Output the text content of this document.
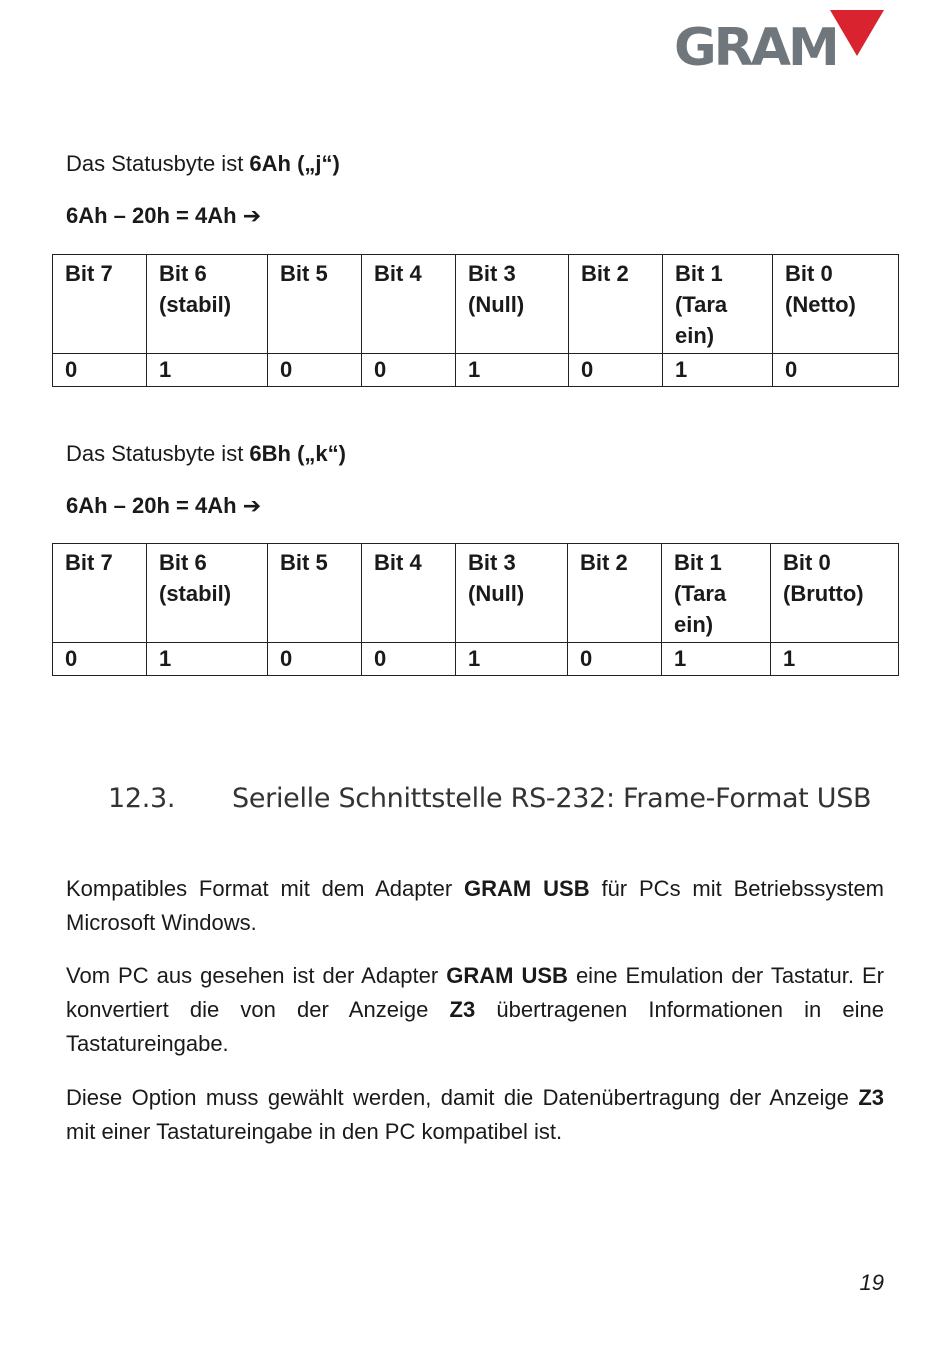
GRAM

Das Statusbyte ist 6Ah („j“)

6Ah – 20h = 4Ah ➔

Bit 7	Bit 6 (stabil)	Bit 5	Bit 4	Bit 3 (Null)	Bit 2	Bit 1 (Tara ein)	Bit 0 (Netto)
0	1	0	0	1	0	1	0

Das Statusbyte ist 6Bh („k“)

6Ah – 20h = 4Ah ➔

Bit 7	Bit 6 (stabil)	Bit 5	Bit 4	Bit 3 (Null)	Bit 2	Bit 1 (Tara ein)	Bit 0 (Brutto)
0	1	0	0	1	0	1	1
12.3. Serielle Schnittstelle RS-232: Frame-Format USB

Kompatibles Format mit dem Adapter GRAM USB für PCs mit Betriebssystem Microsoft Windows.

Vom PC aus gesehen ist der Adapter GRAM USB eine Emulation der Tastatur. Er konvertiert die von der Anzeige Z3 übertragenen Informationen in eine Tastatureingabe.

Diese Option muss gewählt werden, damit die Datenübertragung der Anzeige Z3 mit einer Tastatureingabe in den PC kompatibel ist.

19
